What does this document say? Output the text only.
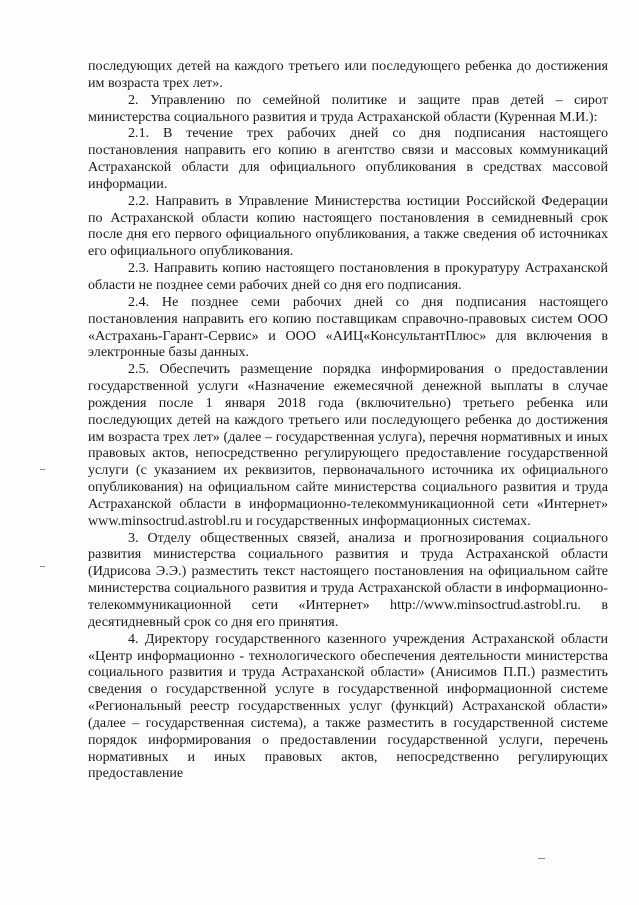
последующих детей на каждого третьего или последующего ребенка до достижения им возраста трех лет».

2. Управлению по семейной политике и защите прав детей – сирот министерства социального развития и труда Астраханской области (Куренная М.И.):

2.1. В течение трех рабочих дней со дня подписания настоящего постановления направить его копию в агентство связи и массовых коммуникаций Астраханской области для официального опубликования в средствах массовой информации.

2.2. Направить в Управление Министерства юстиции Российской Федерации по Астраханской области копию настоящего постановления в семидневный срок после дня его первого официального опубликования, а также сведения об источниках его официального опубликования.

2.3. Направить копию настоящего постановления в прокуратуру Астраханской области не позднее семи рабочих дней со дня его подписания.

2.4. Не позднее семи рабочих дней со дня подписания настоящего постановления направить его копию поставщикам справочно-правовых систем ООО «Астрахань-Гарант-Сервис» и ООО «АИЦ«КонсультантПлюс» для включения в электронные базы данных.

2.5. Обеспечить размещение порядка информирования о предоставлении государственной услуги «Назначение ежемесячной денежной выплаты в случае рождения после 1 января 2018 года (включительно) третьего ребенка или последующих детей на каждого третьего или последующего ребенка до достижения им возраста трех лет» (далее – государственная услуга), перечня нормативных и иных правовых актов, непосредственно регулирующего предоставление государственной услуги (с указанием их реквизитов, первоначального источника их официального опубликования) на официальном сайте министерства социального развития и труда Астраханской области в информационно-телекоммуникационной сети «Интернет» www.minsoctrud.astrobl.ru и государственных информационных системах.

3. Отделу общественных связей, анализа и прогнозирования социального развития министерства социального развития и труда Астраханской области (Идрисова Э.Э.) разместить текст настоящего постановления на официальном сайте министерства социального развития и труда Астраханской области в информационно-телекоммуникационной сети «Интернет» http://www.minsoctrud.astrobl.ru. в десятидневный срок со дня его принятия.

4. Директору государственного казенного учреждения Астраханской области «Центр информационно - технологического обеспечения деятельности министерства социального развития и труда Астраханской области» (Анисимов П.П.) разместить сведения о государственной услуге в государственной информационной системе «Региональный реестр государственных услуг (функций) Астраханской области» (далее – государственная система), а также разместить в государственной системе порядок информирования о предоставлении государственной услуги, перечень нормативных и иных правовых актов, непосредственно регулирующих предоставление
